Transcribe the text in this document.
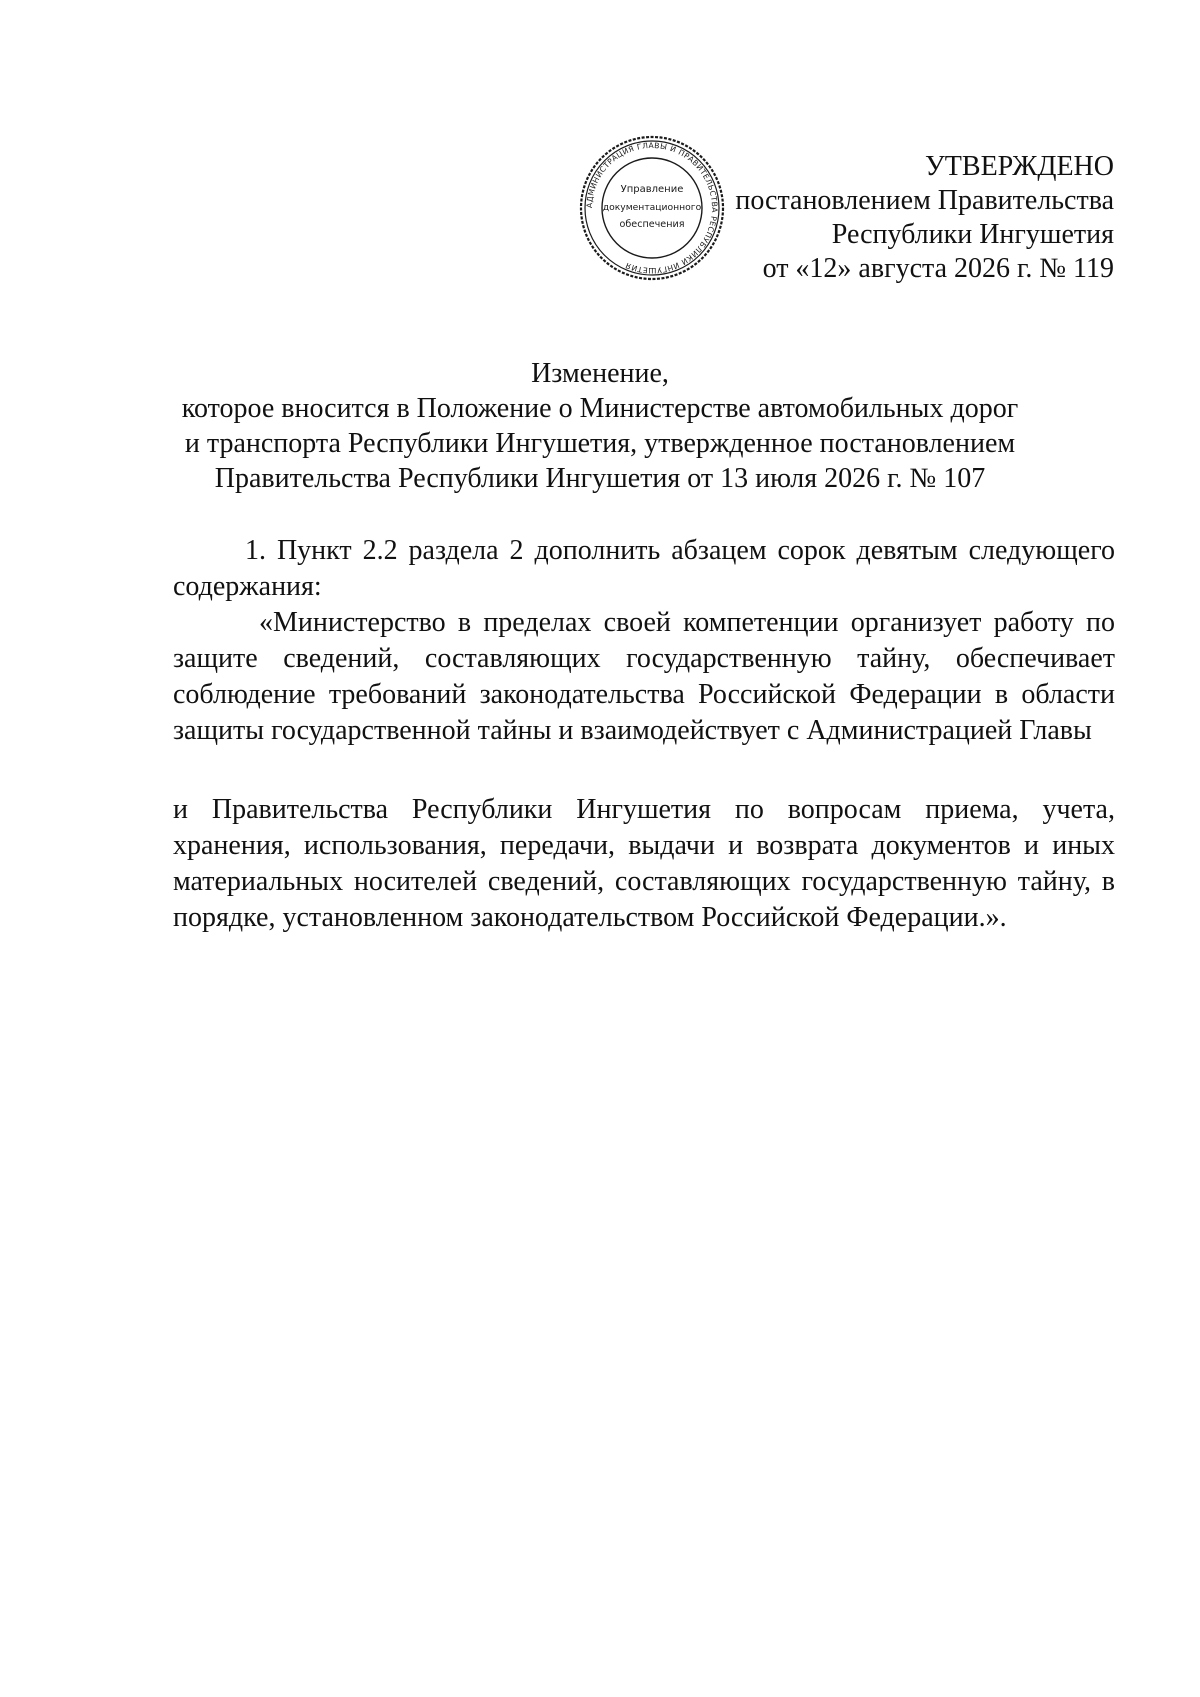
АДМИНИСТРАЦИЯ ГЛАВЫ И ПРАВИТЕЛЬСТВА РЕСПУБЛИКИ ИНГУШЕТИЯ
Управление
документационного
обеспечения
УТВЕРЖДЕНО
постановлением Правительства
Республики Ингушетия
от «12» августа 2026 г. № 119
Изменение,
которое вносится в Положение о Министерстве автомобильных дорог
и транспорта Республики Ингушетия, утвержденное постановлением
Правительства Республики Ингушетия от 13 июля 2026 г. № 107

1. Пункт 2.2 раздела 2 дополнить абзацем сорок девятым следующего содержания:

«Министерство в пределах своей компетенции организует работу по защите сведений, составляющих государственную тайну, обеспечивает соблюдение требований законодательства Российской Федерации в области защиты государственной тайны и взаимодействует с Администрацией Главы

и Правительства Республики Ингушетия по вопросам приема, учета, хранения, использования, передачи, выдачи и возврата документов и иных материальных носителей сведений, составляющих государственную тайну, в порядке, установленном законодательством Российской Федерации.».
